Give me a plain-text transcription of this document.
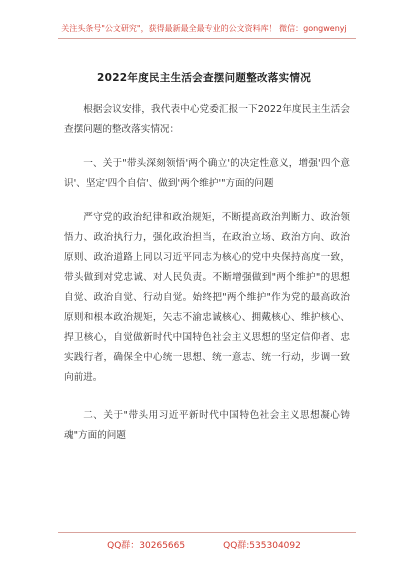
关注头条号"公文研究"，获得最新最全最专业的公文资料库！ 微信：gongwenyj
2022年度民主生活会查摆问题整改落实情况

根据会议安排，我代表中心党委汇报一下2022年度民主生活会查摆问题的整改落实情况：

一、关于"带头深刻领悟'两个确立'的决定性意义，增强'四个意识'、坚定'四个自信'、做到'两个维护'"方面的问题

严守党的政治纪律和政治规矩，不断提高政治判断力、政治领悟力、政治执行力，强化政治担当，在政治立场、政治方向、政治原则、政治道路上同以习近平同志为核心的党中央保持高度一致，带头做到对党忠诚、对人民负责。不断增强做到"两个维护"的思想自觉、政治自觉、行动自觉。始终把"两个维护"作为党的最高政治原则和根本政治规矩，矢志不渝忠诚核心、拥戴核心、维护核心、捍卫核心，自觉做新时代中国特色社会主义思想的坚定信仰者、忠实践行者，确保全中心统一思想、统一意志、统一行动，步调一致向前进。

二、关于"带头用习近平新时代中国特色社会主义思想凝心铸魂"方面的问题

QQ群：30265665	QQ群:535304092
